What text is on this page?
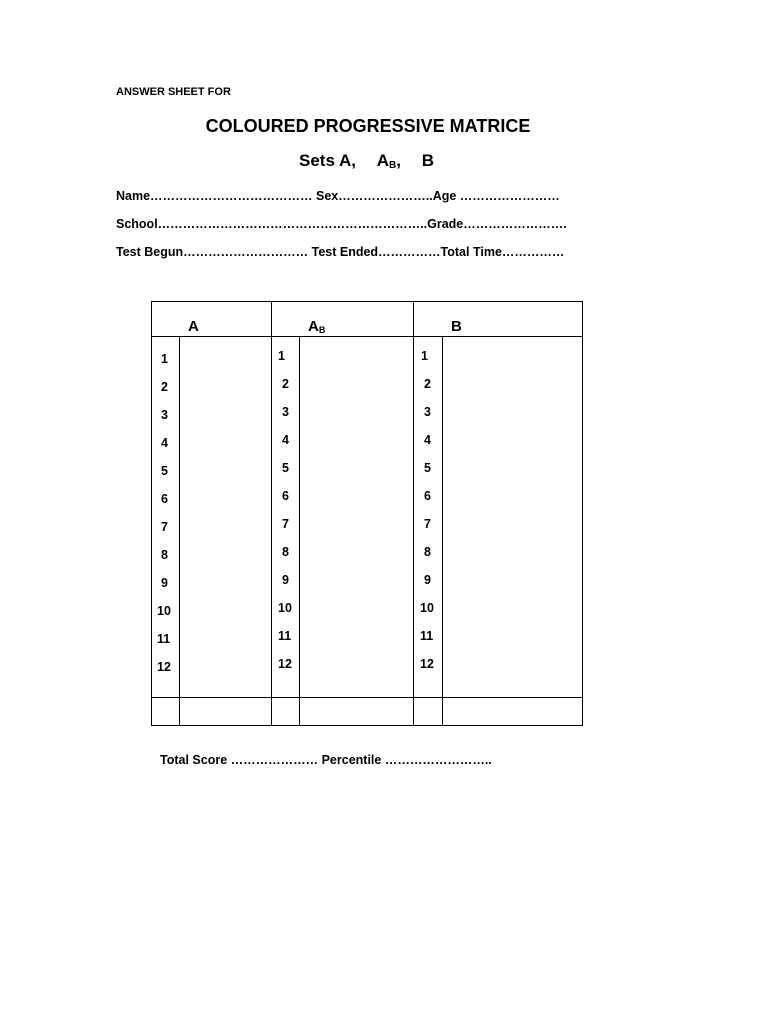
ANSWER SHEET FOR
COLOURED PROGRESSIVE MATRICE
Sets A, $A_B$, B
Name………………………………… Sex…………………..Age ……………………
School………………………………………………………..Grade…………………….
Test Begun………………………… Test Ended……………Total Time……………
A	$A_B$	B
1
2
3
4
5
6
7
8
9
10
11
12
1
2
3
4
5
6
7
8
9
10
11
12
1
2
3
4
5
6
7
8
9
10
11
12
Total Score ………………… Percentile ……………………..
